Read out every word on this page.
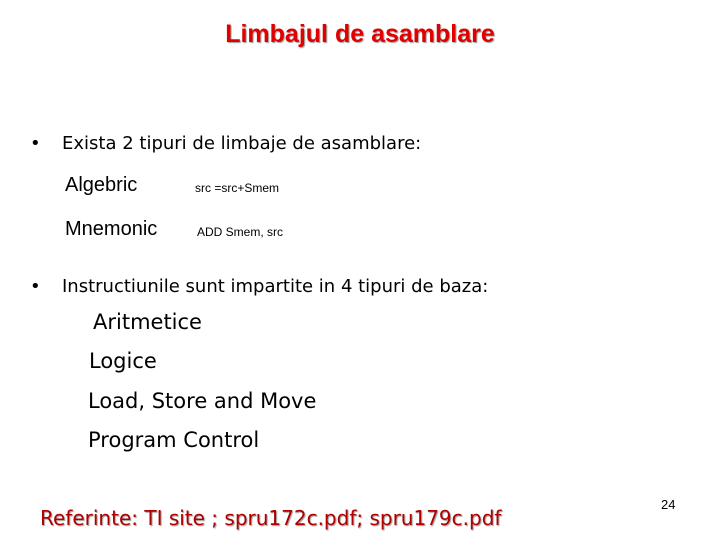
Limbajul de asamblare
• Exista 2 tipuri de limbaje de asamblare:
Algebric	src =src+Smem
Mnemonic	ADD Smem, src
• Instructiunile sunt impartite in 4 tipuri de baza:
Aritmetice
Logice
Load, Store and Move
Program Control
Referinte: TI site ; spru172c.pdf; spru179c.pdf
24
